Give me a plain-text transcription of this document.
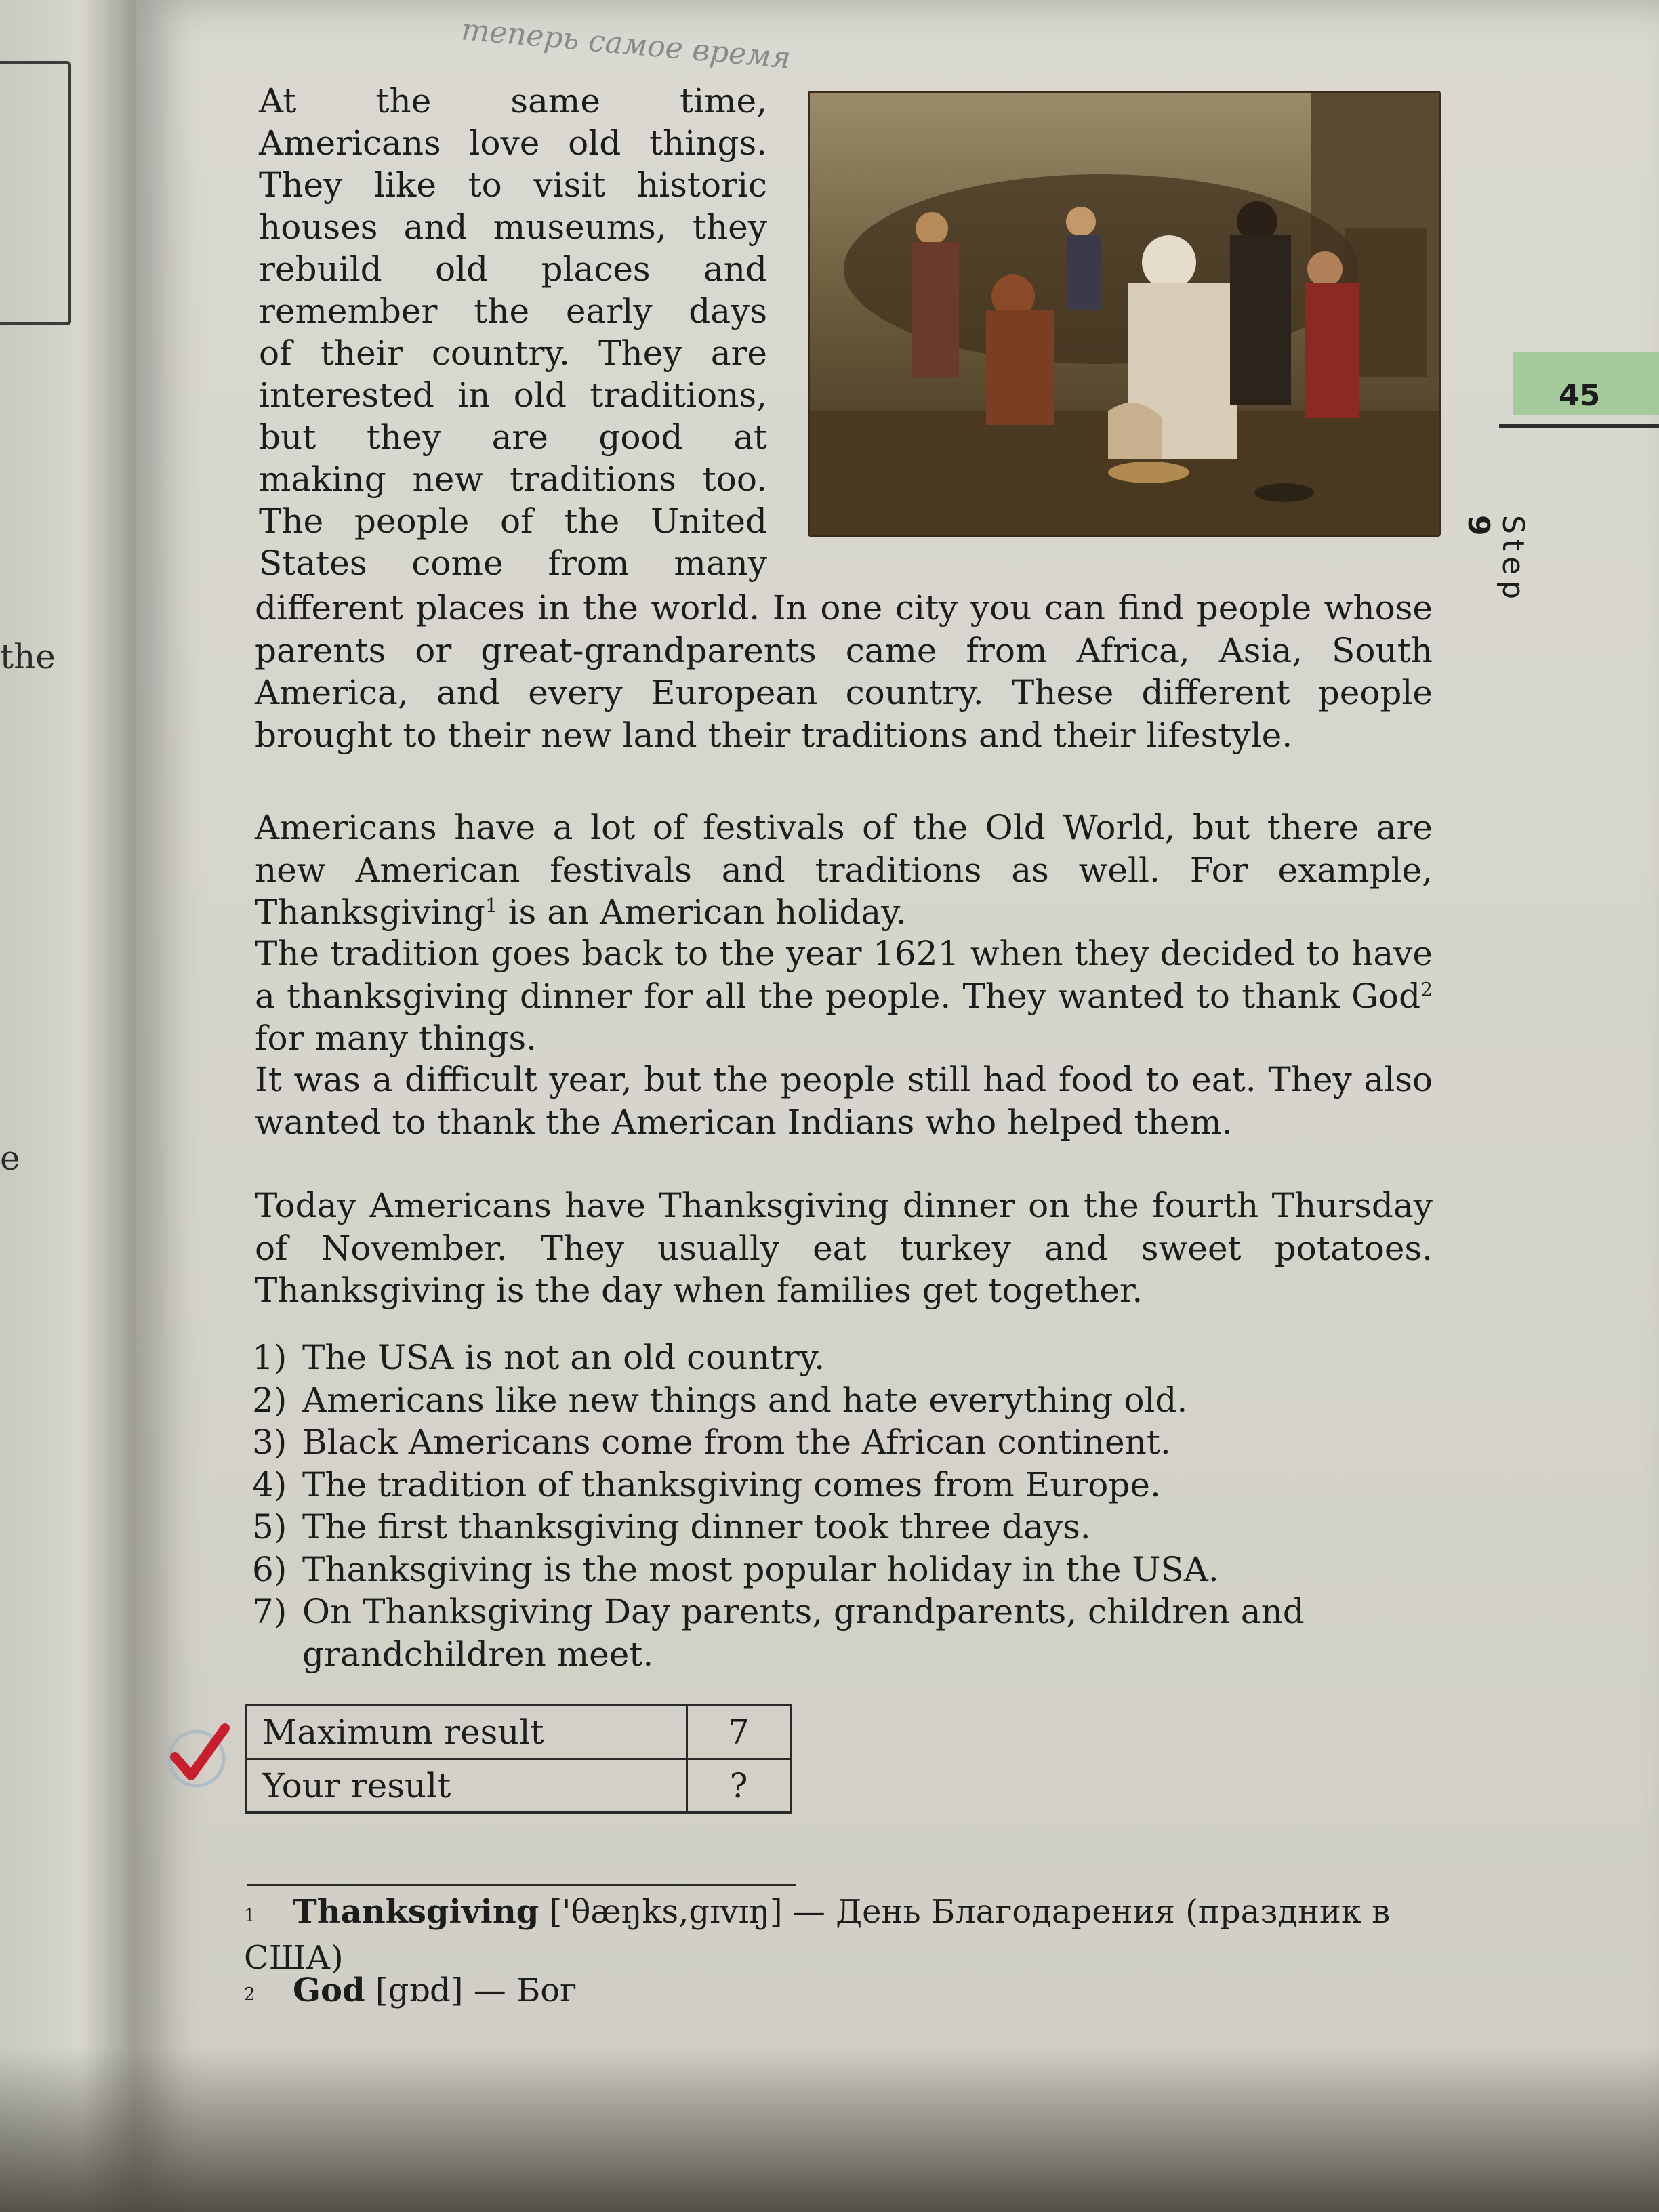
the
e
теперь самое время

At the same time,

Americans love old things.

They like to visit historic

houses and museums, they

rebuild old places and

remember the early days

of their country. They are

interested in old traditions,

but they are good at

making new traditions too.

The people of the United

States come from many

different places in the world. In one city you can find people whose parents or great-grandparents came from Africa, Asia, South America, and every European country. These different people brought to their new land their traditions and their lifestyle.

Americans have a lot of festivals of the Old World, but there are new American festivals and traditions as well. For example, Thanksgiving$^1$ is an American holiday.

The tradition goes back to the year 1621 when they decided to have a thanksgiving dinner for all the people. They wanted to thank God$^2$ for many things.

It was a difficult year, but the people still had food to eat. They also wanted to thank the American Indians who helped them.

Today Americans have Thanksgiving dinner on the fourth Thursday of November. They usually eat turkey and sweet potatoes. Thanksgiving is the day when families get together.

1) The USA is not an old country.
2) Americans like new things and hate everything old.
3) Black Americans come from the African continent.
4) The tradition of thanksgiving comes from Europe.
5) The first thanksgiving dinner took three days.
6) Thanksgiving is the most popular holiday in the USA.
7) On Thanksgiving Day parents, grandparents, children and grandchildren meet.
Maximum result	7
Your result	?
1 Thanksgiving ['θæŋks,gɪvɪŋ] — День Благодарения (праздник в США)
2 God [gɒd] — Бог
45
Step 9
